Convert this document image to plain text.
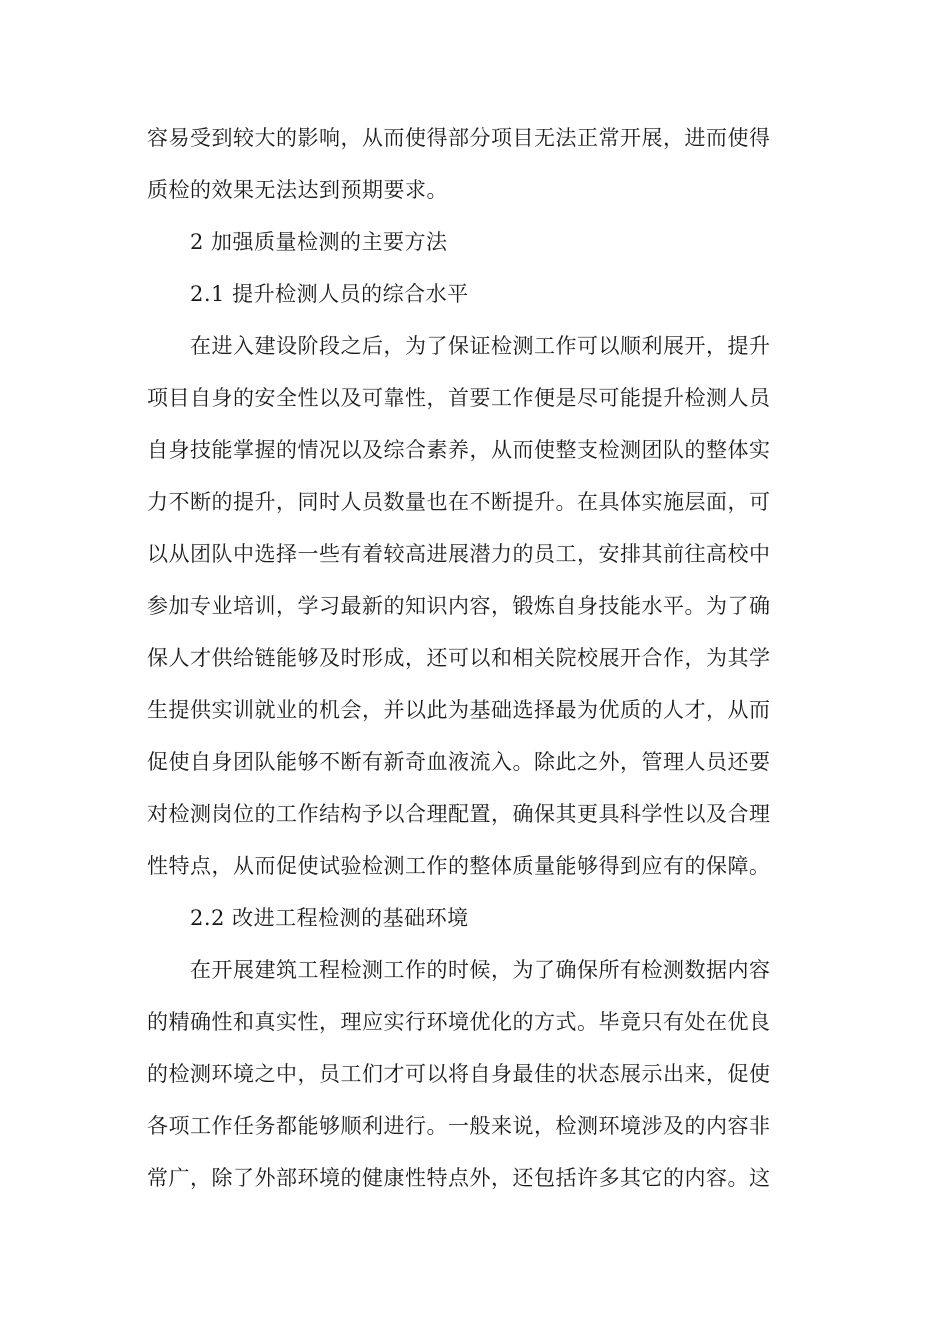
容易受到较大的影响，从而使得部分项目无法正常开展，进而使得
质检的效果无法达到预期要求。
2 加强质量检测的主要方法
2.1 提升检测人员的综合水平
在进入建设阶段之后，为了保证检测工作可以顺利展开，提升
项目自身的安全性以及可靠性，首要工作便是尽可能提升检测人员
自身技能掌握的情况以及综合素养，从而使整支检测团队的整体实
力不断的提升，同时人员数量也在不断提升。在具体实施层面，可
以从团队中选择一些有着较高进展潜力的员工，安排其前往高校中
参加专业培训，学习最新的知识内容，锻炼自身技能水平。为了确
保人才供给链能够及时形成，还可以和相关院校展开合作，为其学
生提供实训就业的机会，并以此为基础选择最为优质的人才，从而
促使自身团队能够不断有新奇血液流入。除此之外，管理人员还要
对检测岗位的工作结构予以合理配置，确保其更具科学性以及合理
性特点，从而促使试验检测工作的整体质量能够得到应有的保障。
2.2 改进工程检测的基础环境
在开展建筑工程检测工作的时候，为了确保所有检测数据内容
的精确性和真实性，理应实行环境优化的方式。毕竟只有处在优良
的检测环境之中，员工们才可以将自身最佳的状态展示出来，促使
各项工作任务都能够顺利进行。一般来说，检测环境涉及的内容非
常广，除了外部环境的健康性特点外，还包括许多其它的内容。这
